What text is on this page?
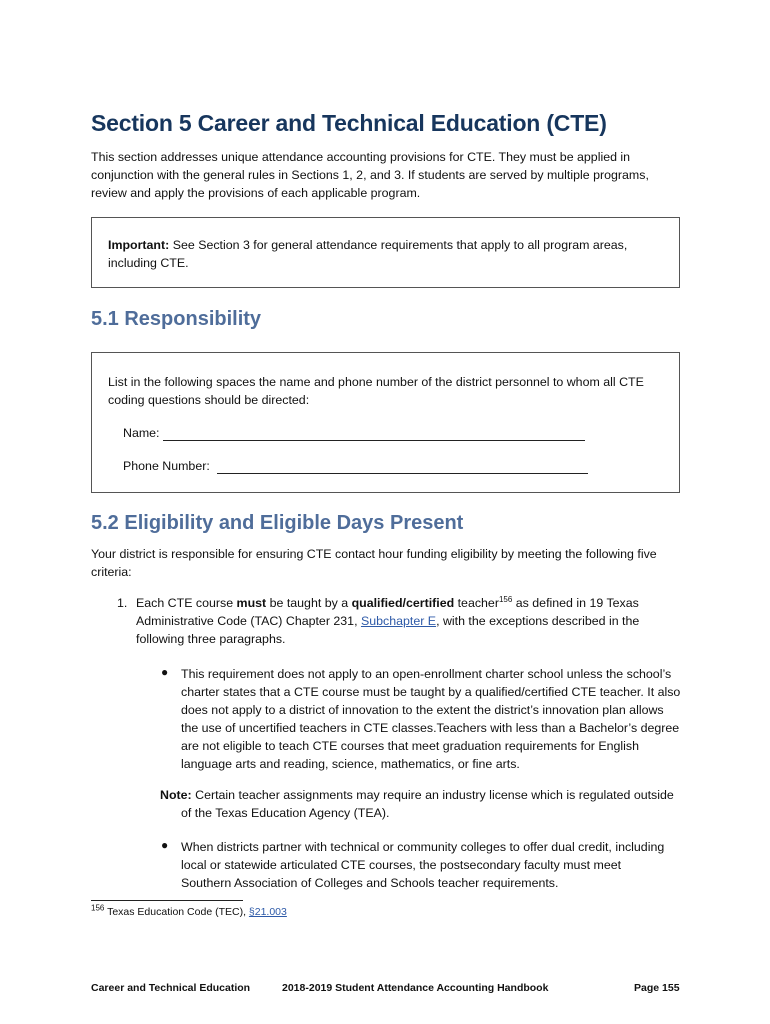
Section 5 Career and Technical Education (CTE)

This section addresses unique attendance accounting provisions for CTE. They must be applied in conjunction with the general rules in Sections 1, 2, and 3. If students are served by multiple programs, review and apply the provisions of each applicable program.

Important: See Section 3 for general attendance requirements that apply to all program areas, including CTE.

5.1 Responsibility

List in the following spaces the name and phone number of the district personnel to whom all CTE coding questions should be directed:

Name:
Phone Number:
5.2 Eligibility and Eligible Days Present

Your district is responsible for ensuring CTE contact hour funding eligibility by meeting the following five criteria:

1. Each CTE course must be taught by a qualified/certified teacher$^{156}$ as defined in 19 Texas Administrative Code (TAC) Chapter 231, Subchapter E, with the exceptions described in the following three paragraphs.

● This requirement does not apply to an open-enrollment charter school unless the school’s charter states that a CTE course must be taught by a qualified/certified CTE teacher. It also does not apply to a district of innovation to the extent the district’s innovation plan allows the use of uncertified teachers in CTE classes.Teachers with less than a Bachelor’s degree are not eligible to teach CTE courses that meet graduation requirements for English language arts and reading, science, mathematics, or fine arts.

Note: Certain teacher assignments may require an industry license which is regulated outside of the Texas Education Agency (TEA).

● When districts partner with technical or community colleges to offer dual credit, including local or statewide articulated CTE courses, the postsecondary faculty must meet Southern Association of Colleges and Schools teacher requirements.

$^{156}$ Texas Education Code (TEC), §21.003

Career and Technical Education	2018-2019 Student Attendance Accounting Handbook	Page 155
